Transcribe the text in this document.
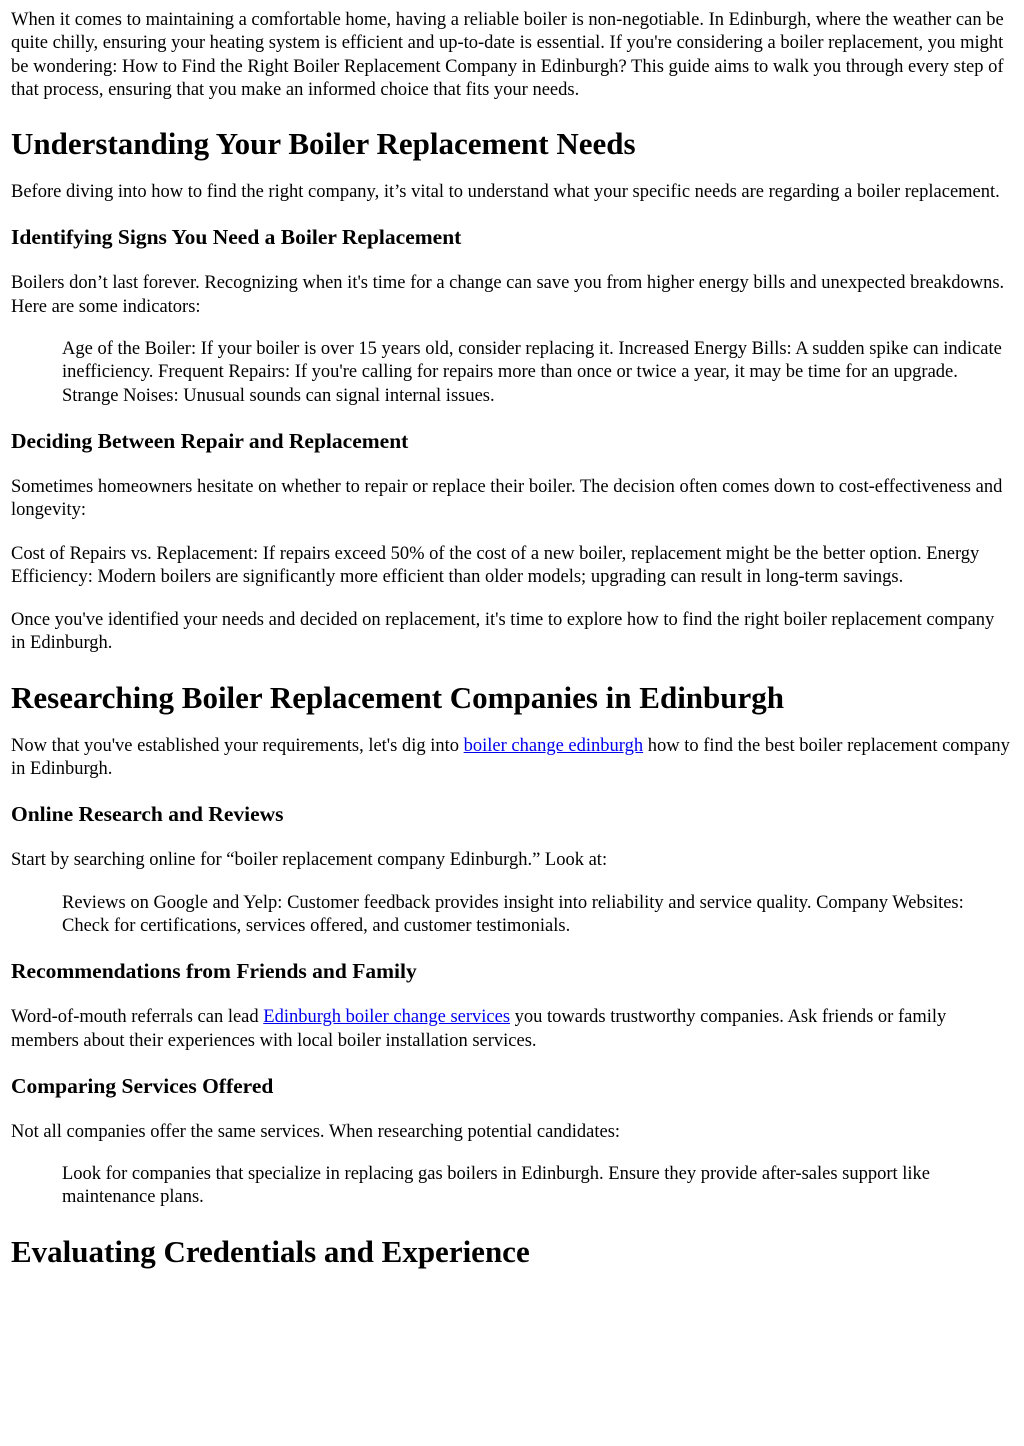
When it comes to maintaining a comfortable home, having a reliable boiler is non-negotiable. In Edinburgh, where the weather can be quite chilly, ensuring your heating system is efficient and up-to-date is essential. If you're considering a boiler replacement, you might be wondering: How to Find the Right Boiler Replacement Company in Edinburgh? This guide aims to walk you through every step of that process, ensuring that you make an informed choice that fits your needs.

Understanding Your Boiler Replacement Needs

Before diving into how to find the right company, it’s vital to understand what your specific needs are regarding a boiler replacement.

Identifying Signs You Need a Boiler Replacement

Boilers don’t last forever. Recognizing when it's time for a change can save you from higher energy bills and unexpected breakdowns. Here are some indicators:

Age of the Boiler: If your boiler is over 15 years old, consider replacing it. Increased Energy Bills: A sudden spike can indicate inefficiency. Frequent Repairs: If you're calling for repairs more than once or twice a year, it may be time for an upgrade. Strange Noises: Unusual sounds can signal internal issues.
Deciding Between Repair and Replacement

Sometimes homeowners hesitate on whether to repair or replace their boiler. The decision often comes down to cost-effectiveness and longevity:

Cost of Repairs vs. Replacement: If repairs exceed 50% of the cost of a new boiler, replacement might be the better option. Energy Efficiency: Modern boilers are significantly more efficient than older models; upgrading can result in long-term savings.

Once you've identified your needs and decided on replacement, it's time to explore how to find the right boiler replacement company in Edinburgh.

Researching Boiler Replacement Companies in Edinburgh

Now that you've established your requirements, let's dig into boiler change edinburgh how to find the best boiler replacement company in Edinburgh.

Online Research and Reviews

Start by searching online for “boiler replacement company Edinburgh.” Look at:

Reviews on Google and Yelp: Customer feedback provides insight into reliability and service quality. Company Websites: Check for certifications, services offered, and customer testimonials.
Recommendations from Friends and Family

Word-of-mouth referrals can lead Edinburgh boiler change services you towards trustworthy companies. Ask friends or family members about their experiences with local boiler installation services.

Comparing Services Offered

Not all companies offer the same services. When researching potential candidates:

Look for companies that specialize in replacing gas boilers in Edinburgh. Ensure they provide after-sales support like maintenance plans.
Evaluating Credentials and Experience
